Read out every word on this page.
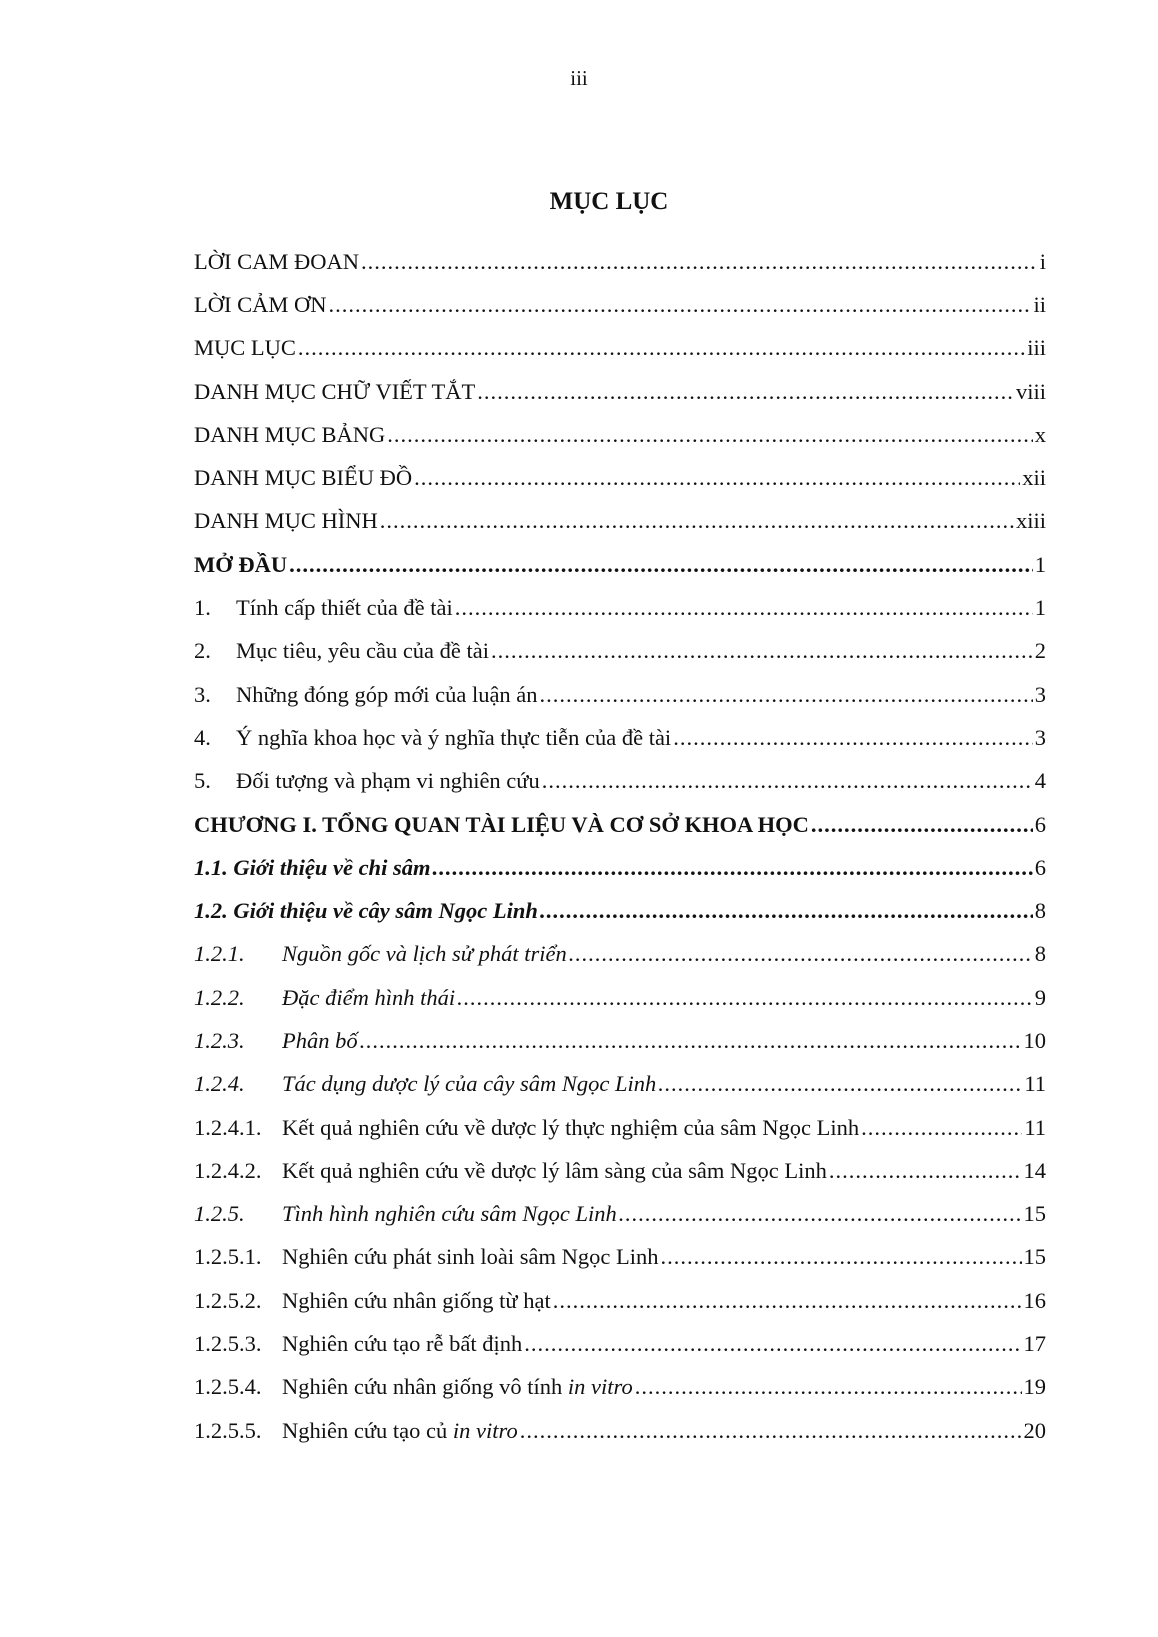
iii
MỤC LỤC
LỜI CAM ĐOAN .....	i
LỜI CẢM ƠN .....	ii
MỤC LỤC .....	iii
DANH MỤC CHỮ VIẾT TẮT .....	viii
DANH MỤC BẢNG .....	x
DANH MỤC BIỂU ĐỒ .....	xii
DANH MỤC HÌNH .....	xiii
MỞ ĐẦU .....	1
1.	Tính cấp thiết của đề tài .....	1
2.	Mục tiêu, yêu cầu của đề tài .....	2
3.	Những đóng góp mới của luận án .....	3
4.	Ý nghĩa khoa học và ý nghĩa thực tiễn của đề tài .....	3
5.	Đối tượng và phạm vi nghiên cứu .....	4
CHƯƠNG I. TỔNG QUAN TÀI LIỆU VÀ CƠ SỞ KHOA HỌC .....	6
1.1. Giới thiệu về chi sâm .....	6
1.2. Giới thiệu về cây sâm Ngọc Linh .....	8
1.2.1.	Nguồn gốc và lịch sử phát triển .....	8
1.2.2.	Đặc điểm hình thái .....	9
1.2.3.	Phân bố .....	10
1.2.4.	Tác dụng dược lý của cây sâm Ngọc Linh .....	11
1.2.4.1. Kết quả nghiên cứu về dược lý thực nghiệm của sâm Ngọc Linh .....	11
1.2.4.2. Kết quả nghiên cứu về dược lý lâm sàng của sâm Ngọc Linh .....	14
1.2.5.	Tình hình nghiên cứu sâm Ngọc Linh .....	15
1.2.5.1. Nghiên cứu phát sinh loài sâm Ngọc Linh .....	15
1.2.5.2. Nghiên cứu nhân giống từ hạt .....	16
1.2.5.3. Nghiên cứu tạo rễ bất định .....	17
1.2.5.4. Nghiên cứu nhân giống vô tính in vitro .....	19
1.2.5.5. Nghiên cứu tạo củ in vitro .....	20
